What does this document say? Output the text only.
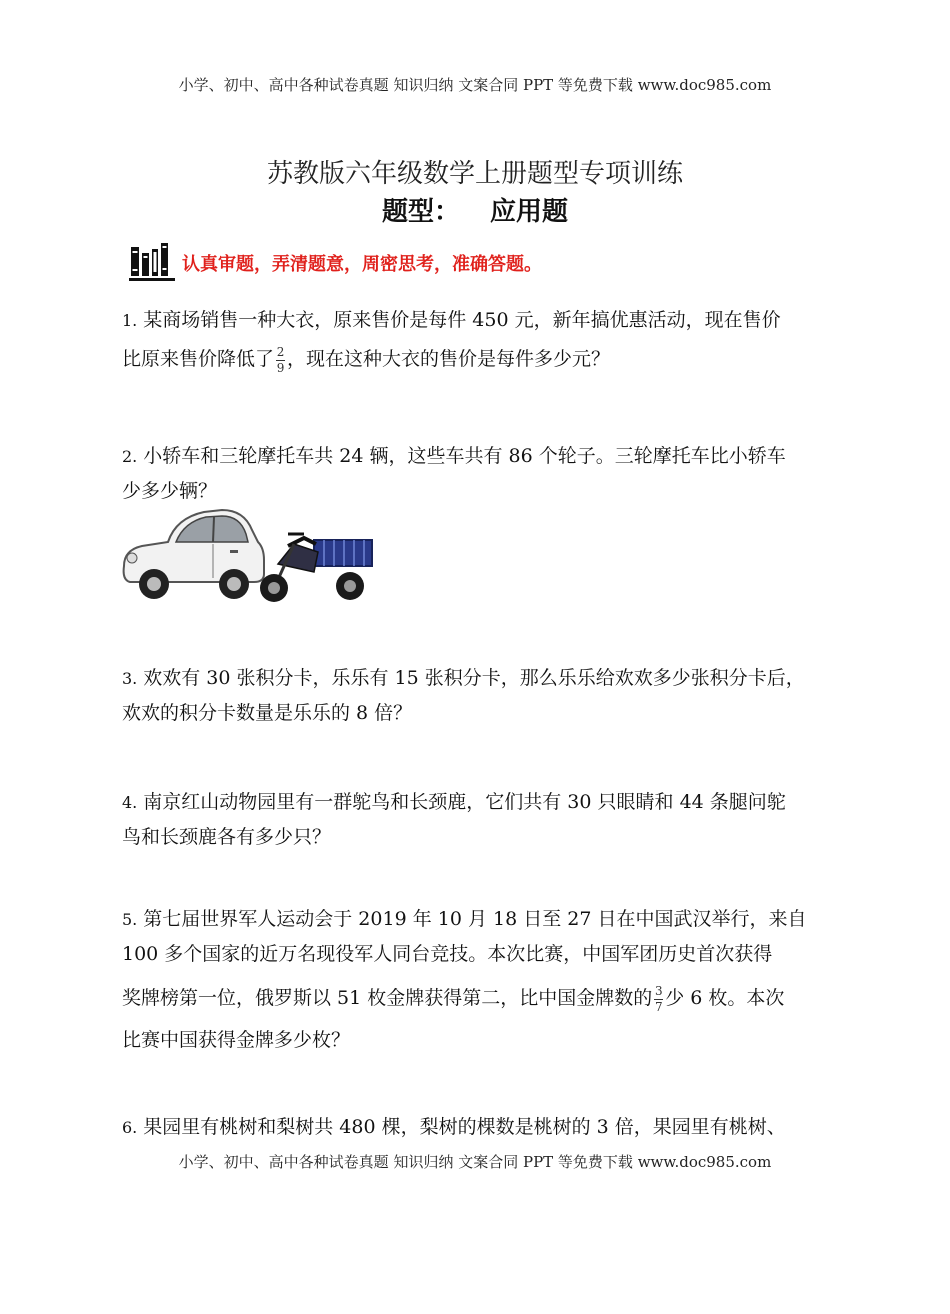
小学、初中、高中各种试卷真题 知识归纳 文案合同 PPT 等免费下载 www.doc985.com
苏教版六年级数学上册题型专项训练
题型： 应用题
认真审题，弄清题意，周密思考，准确答题。
1. 某商场销售一种大衣，原来售价是每件 450 元，新年搞优惠活动，现在售价
比原来售价降低了 $\frac{2}{9}$ ，现在这种大衣的售价是每件多少元？
2. 小轿车和三轮摩托车共 24 辆，这些车共有 86 个轮子。三轮摩托车比小轿车
少多少辆？
3. 欢欢有 30 张积分卡，乐乐有 15 张积分卡，那么乐乐给欢欢多少张积分卡后，
欢欢的积分卡数量是乐乐的 8 倍？
4. 南京红山动物园里有一群鸵鸟和长颈鹿，它们共有 30 只眼睛和 44 条腿问鸵
鸟和长颈鹿各有多少只？
5. 第七届世界军人运动会于 2019 年 10 月 18 日至 27 日在中国武汉举行，来自
100 多个国家的近万名现役军人同台竞技。本次比赛，中国军团历史首次获得
奖牌榜第一位，俄罗斯以 51 枚金牌获得第二，比中国金牌数的 $\frac{3}{7}$ 少 6 枚。本次
比赛中国获得金牌多少枚？
6. 果园里有桃树和梨树共 480 棵，梨树的棵数是桃树的 3 倍，果园里有桃树、
小学、初中、高中各种试卷真题 知识归纳 文案合同 PPT 等免费下载 www.doc985.com
